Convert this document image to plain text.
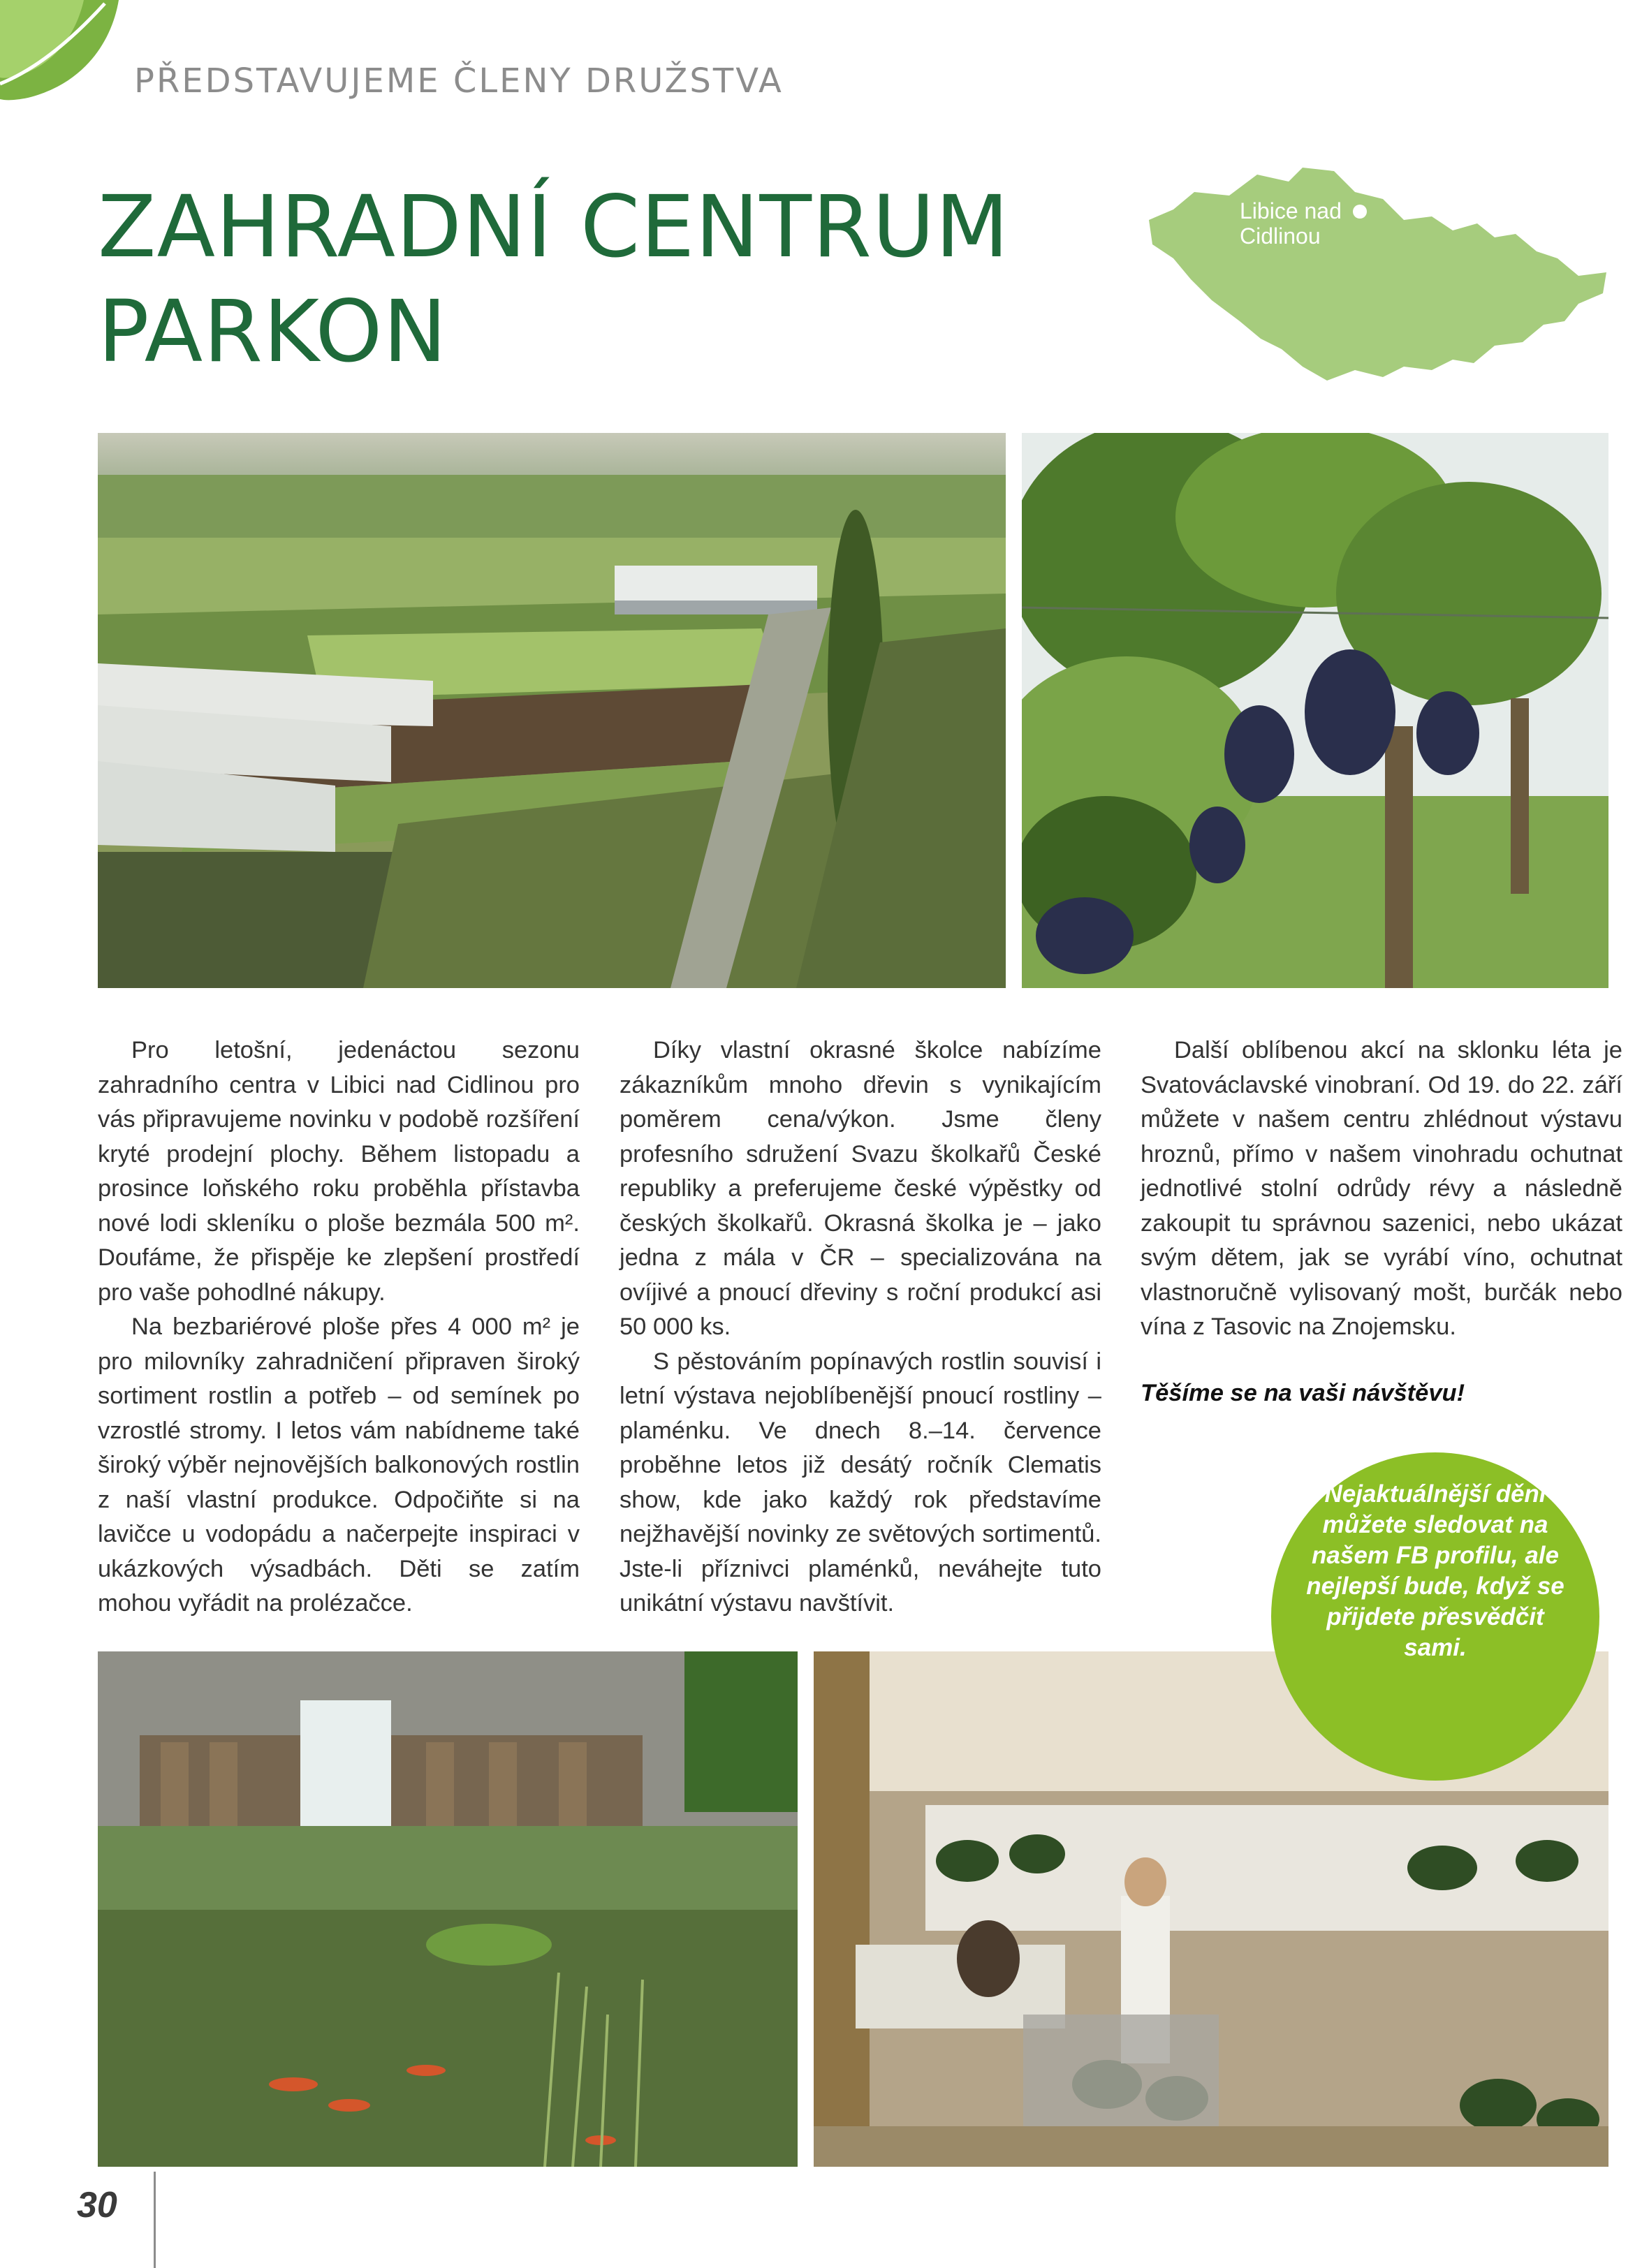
PŘEDSTAVUJEME ČLENY DRUŽSTVA
ZAHRADNÍ CENTRUM
PARKON
Libice nad
Cidlinou

Pro letošní, jedenáctou sezonu zahradního centra v Libici nad Cidlinou pro vás připravujeme novinku v podobě rozšíření kryté prodejní plochy. Během listopadu a prosince loňského roku proběhla přístavba nové lodi skleníku o ploše bezmála 500 m². Doufáme, že přispěje ke zlepšení prostředí pro vaše pohodlné nákupy.

Na bezbariérové ploše přes 4 000 m² je pro milovníky zahradničení připraven široký sortiment rostlin a potřeb – od semínek po vzrostlé stromy. I letos vám nabídneme také široký výběr nejnovějších balkonových rostlin z naší vlastní produkce. Odpočiňte si na lavičce u vodopádu a načerpejte inspiraci v ukázkových výsadbách. Děti se zatím mohou vyřádit na prolézačce.

Díky vlastní okrasné školce nabízíme zákazníkům mnoho dřevin s vynikajícím poměrem cena/výkon. Jsme členy profesního sdružení Svazu školkařů České republiky a preferujeme české výpěstky od českých školkařů. Okrasná školka je – jako jedna z mála v ČR – specializována na ovíjivé a pnoucí dřeviny s roční produkcí asi 50 000 ks.

S pěstováním popínavých rostlin souvisí i letní výstava nejoblíbenější pnoucí rostliny – plaménku. Ve dnech 8.–14. července proběhne letos již desátý ročník Clematis show, kde jako každý rok představíme nejžhavější novinky ze světových sortimentů. Jste-li příznivci plaménků, neváhejte tuto unikátní výstavu navštívit.

Další oblíbenou akcí na sklonku léta je Svatováclavské vinobraní. Od 19. do 22. září můžete v našem centru zhlédnout výstavu hroznů, přímo v našem vinohradu ochutnat jednotlivé stolní odrůdy révy a následně zakoupit tu správnou sazenici, nebo ukázat svým dětem, jak se vyrábí víno, ochutnat vlastnoručně vylisovaný mošt, burčák nebo vína z Tasovic na Znojemsku.

Těšíme se na vaši návštěvu!

Nejaktuálnější dění můžete sledovat na našem FB profilu, ale nejlepší bude, když se přijdete přesvědčit sami.
30
